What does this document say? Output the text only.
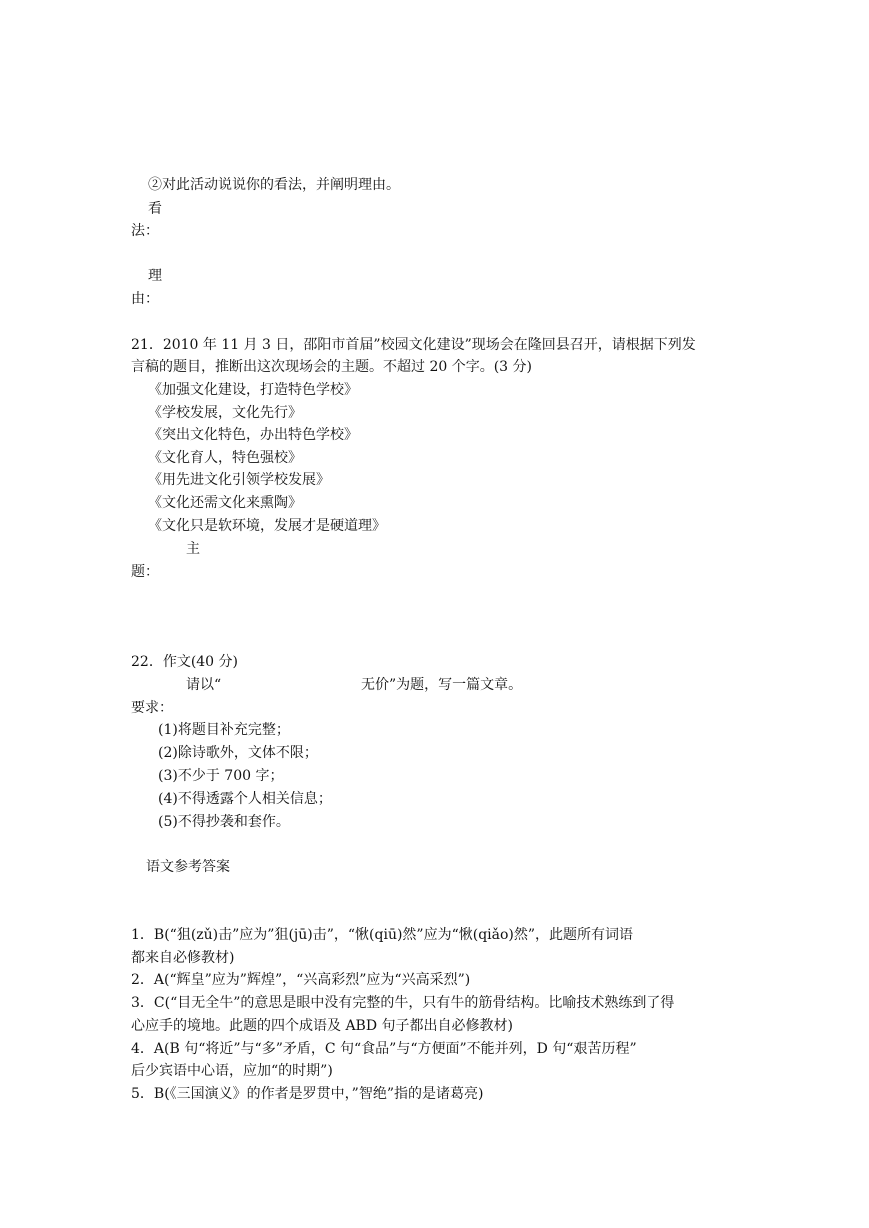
②对此活动说说你的看法，并阐明理由。
看
法：
理
由：
21．2010 年 11 月 3 日，邵阳市首届”校园文化建设”现场会在隆回县召开，请根据下列发
言稿的题目，推断出这次现场会的主题。不超过 20 个字。(3 分)
《加强文化建设，打造特色学校》
《学校发展，文化先行》
《突出文化特色，办出特色学校》
《文化育人，特色强校》
《用先进文化引领学校发展》
《文化还需文化来熏陶》
《文化只是软环境，发展才是硬道理》
主
题：
22．作文(40 分)
请以“	无价”为题，写一篇文章。
要求：
(1)将题目补充完整；
(2)除诗歌外，文体不限；
(3)不少于 700 字；
(4)不得透露个人相关信息；
(5)不得抄袭和套作。
语文参考答案
1．B(“狙(zǔ)击”应为”狙(jū)击”，“愀(qiū)然”应为“愀(qiǎo)然”，此题所有词语
都来自必修教材)
2．A(“辉皇”应为”辉煌”，“兴高彩烈”应为“兴高采烈”)
3．C(“目无全牛”的意思是眼中没有完整的牛，只有牛的筋骨结构。比喻技术熟练到了得
心应手的境地。此题的四个成语及 ABD 句子都出自必修教材)
4．A(B 句“将近”与“多”矛盾，C 句“食品”与“方便面”不能并列，D 句“艰苦历程”
后少宾语中心语，应加“的时期”)
5．B(《三国演义》的作者是罗贯中，”智绝”指的是诸葛亮)
